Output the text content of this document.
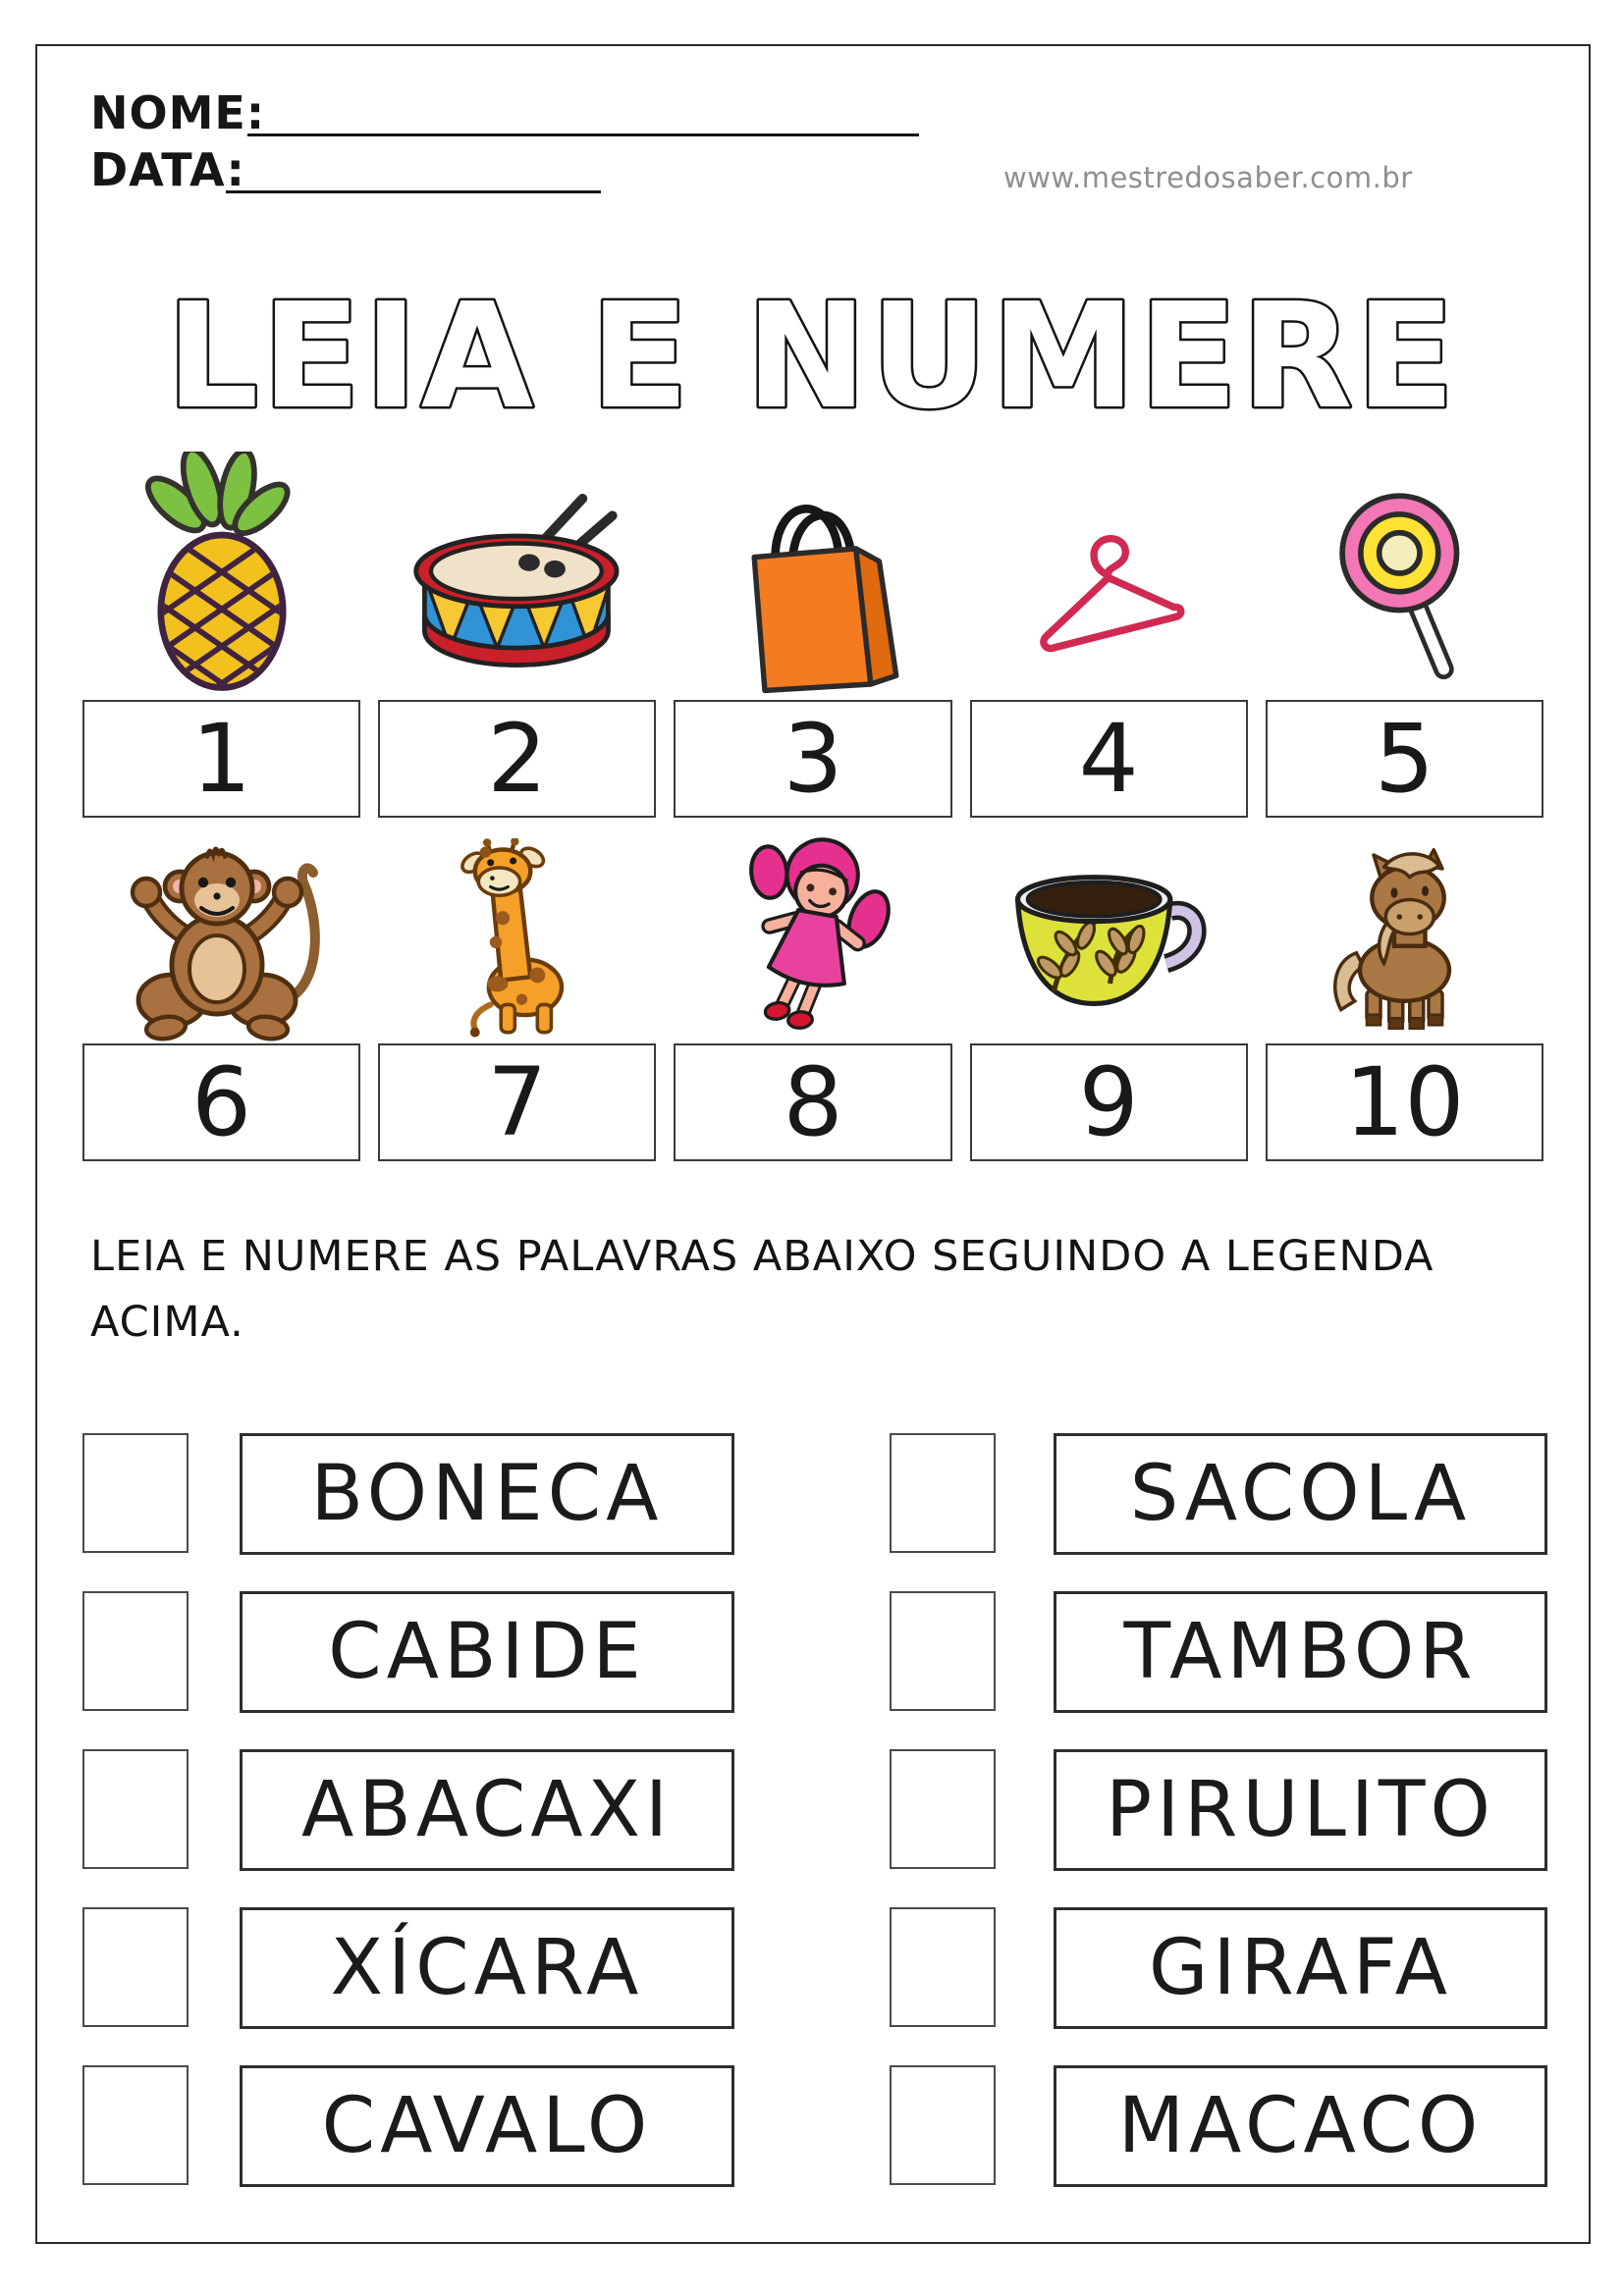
NOME:
DATA:	www.mestredosaber.com.br
LEIA E NUMERE
1	2	3	4	5
6	7	8	9 10
LEIA E NUMERE AS PALAVRAS ABAIXO SEGUINDO A LEGENDA ACIMA.
BONECA
CABIDE
ABACAXI
XÍCARA
CAVALO
SACOLA
TAMBOR
PIRULITO
GIRAFA
MACACO
